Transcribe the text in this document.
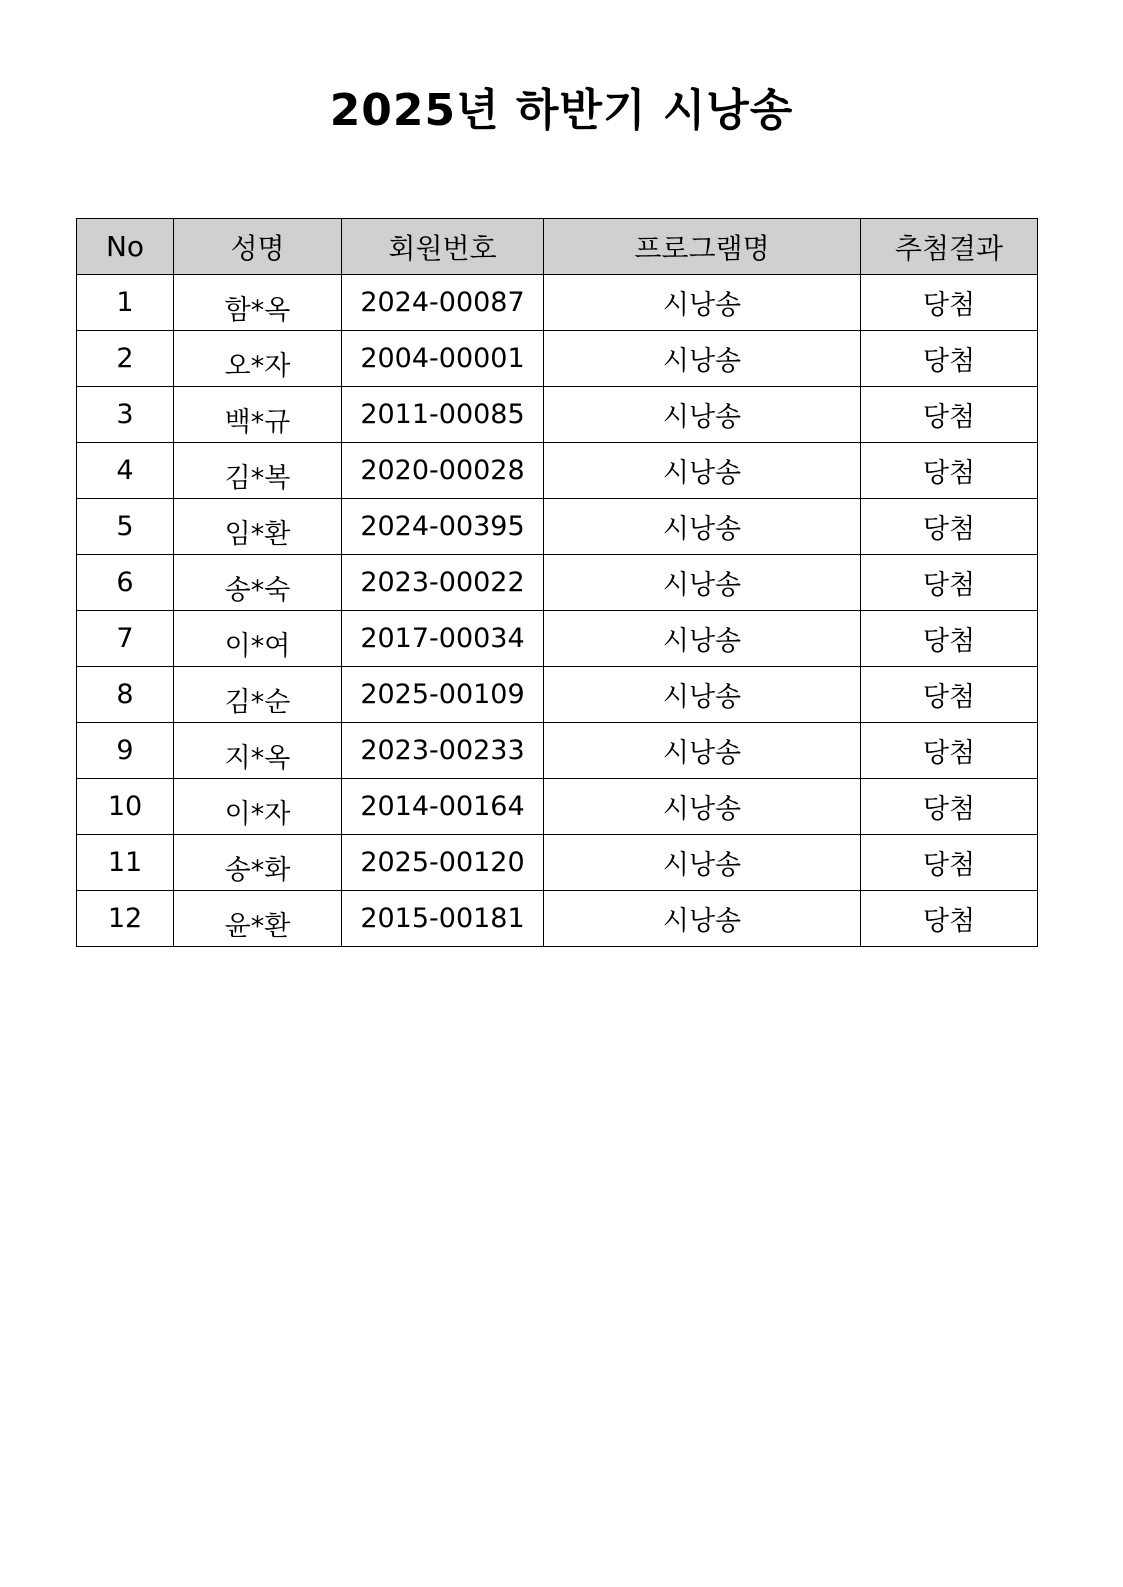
2025년 하반기 시낭송
No	성명	회원번호	프로그램명	추첨결과
1	함*옥	2024-00087	시낭송	당첨
2	오*자	2004-00001	시낭송	당첨
3	백*규	2011-00085	시낭송	당첨
4	김*복	2020-00028	시낭송	당첨
5	임*환	2024-00395	시낭송	당첨
6	송*숙	2023-00022	시낭송	당첨
7	이*여	2017-00034	시낭송	당첨
8	김*순	2025-00109	시낭송	당첨
9	지*옥	2023-00233	시낭송	당첨
10	이*자	2014-00164	시낭송	당첨
11	송*화	2025-00120	시낭송	당첨
12	윤*환	2015-00181	시낭송	당첨
